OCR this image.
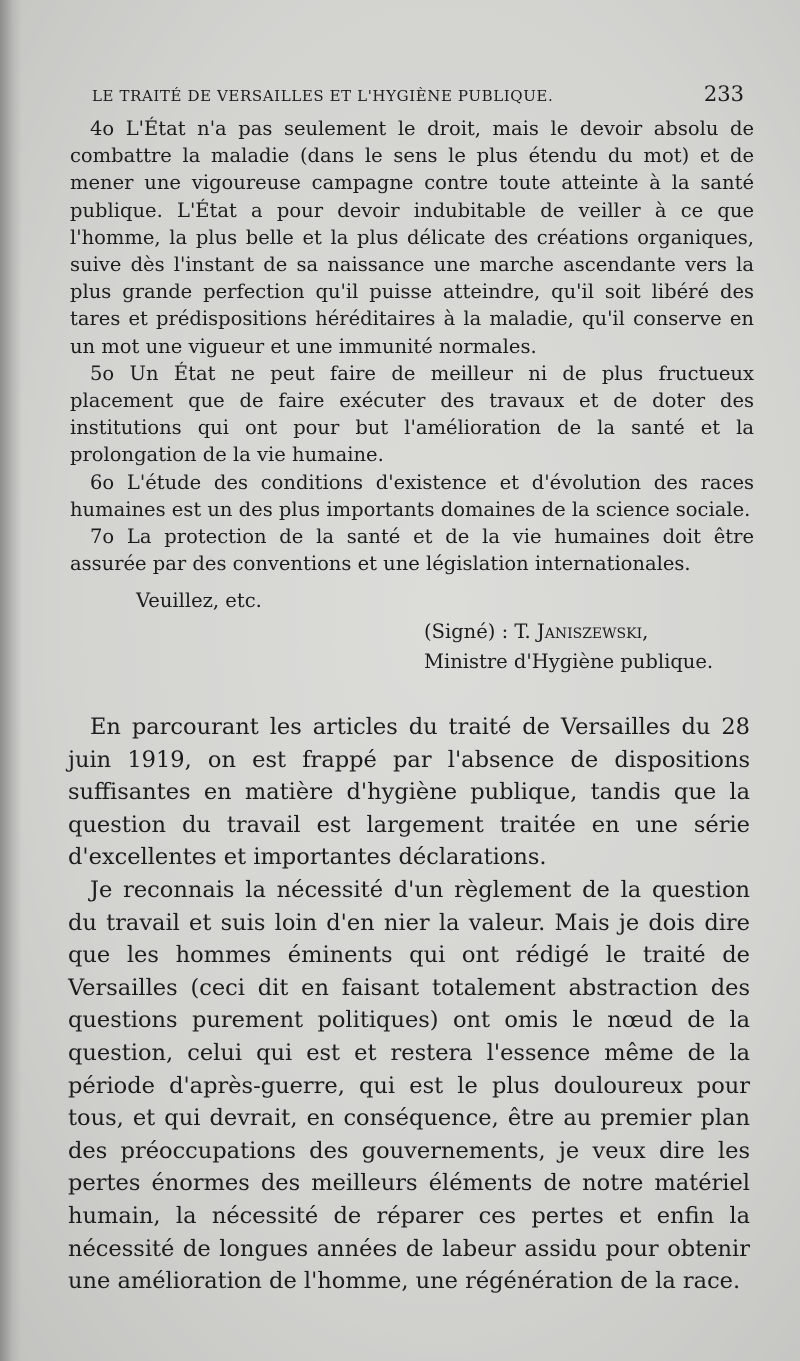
LE TRAITÉ DE VERSAILLES ET L'HYGIÈNE PUBLIQUE.	233

4o L'État n'a pas seulement le droit, mais le devoir absolu de combattre la maladie (dans le sens le plus étendu du mot) et de mener une vigoureuse campagne contre toute atteinte à la santé publique. L'État a pour devoir indubitable de veiller à ce que l'homme, la plus belle et la plus délicate des créations organiques, suive dès l'instant de sa naissance une marche ascendante vers la plus grande perfection qu'il puisse atteindre, qu'il soit libéré des tares et prédispositions héréditaires à la maladie, qu'il conserve en un mot une vigueur et une immunité normales.

5o Un État ne peut faire de meilleur ni de plus fructueux placement que de faire exécuter des travaux et de doter des institutions qui ont pour but l'amélioration de la santé et la prolongation de la vie humaine.

6o L'étude des conditions d'existence et d'évolution des races humaines est un des plus importants domaines de la science sociale.

7o La protection de la santé et de la vie humaines doit être assurée par des conventions et une législation internationales.

Veuillez, etc.

(Signé) : T. Janiszewski,
Ministre d'Hygiène publique.

En parcourant les articles du traité de Versailles du 28 juin 1919, on est frappé par l'absence de dispositions suffisantes en matière d'hygiène publique, tandis que la question du travail est largement traitée en une série d'excellentes et importantes déclarations.

Je reconnais la nécessité d'un règlement de la question du travail et suis loin d'en nier la valeur. Mais je dois dire que les hommes éminents qui ont rédigé le traité de Versailles (ceci dit en faisant totalement abstraction des questions purement politiques) ont omis le nœud de la question, celui qui est et restera l'essence même de la période d'après-guerre, qui est le plus douloureux pour tous, et qui devrait, en conséquence, être au premier plan des préoccupations des gouvernements, je veux dire les pertes énormes des meilleurs éléments de notre matériel humain, la nécessité de réparer ces pertes et enfin la nécessité de longues années de labeur assidu pour obtenir une amélioration de l'homme, une régénération de la race.
